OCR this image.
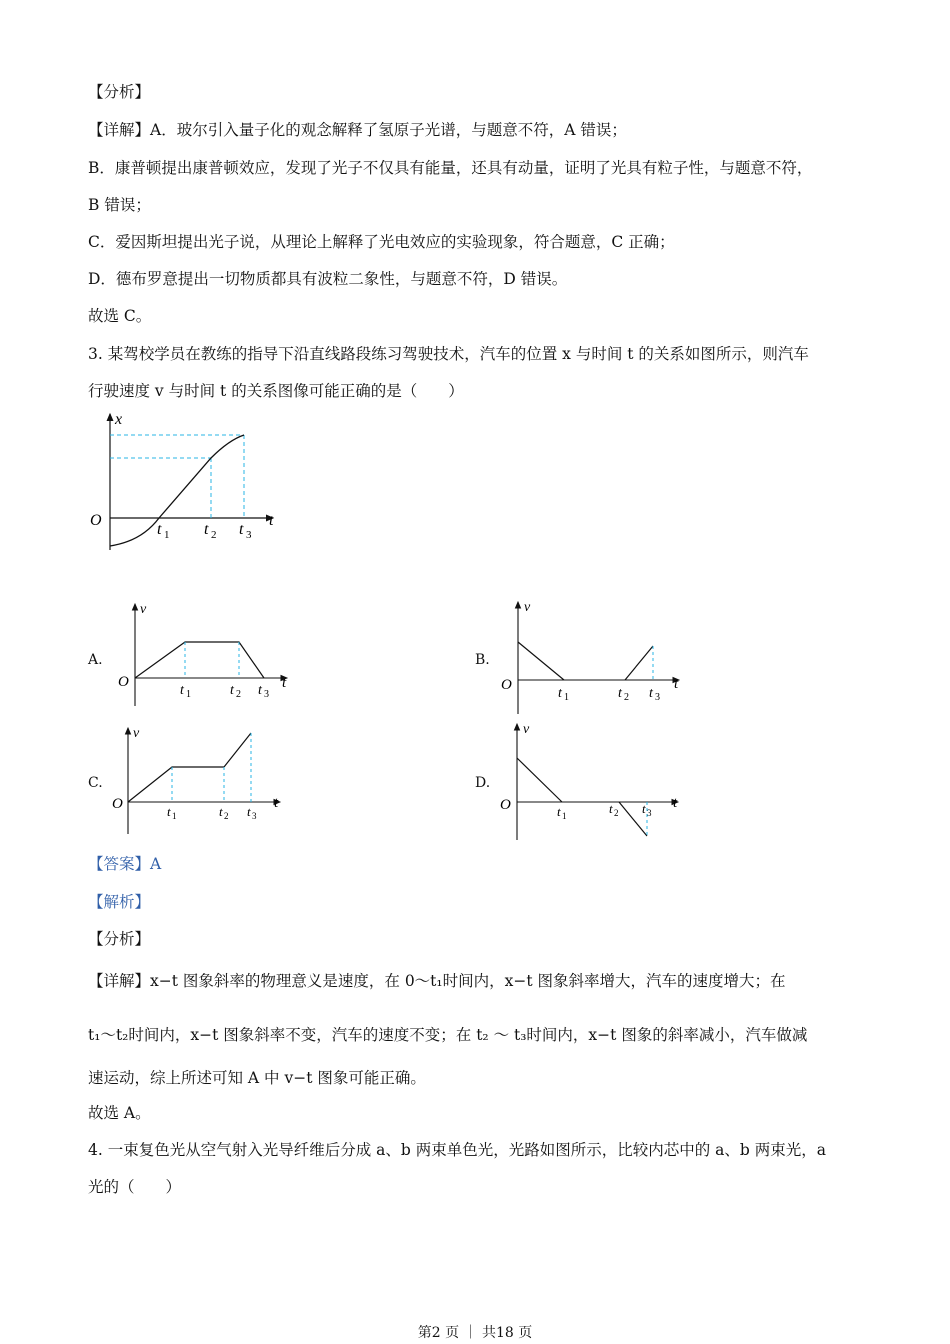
【分析】
【详解】A．玻尔引入量子化的观念解释了氢原子光谱，与题意不符，A 错误；
B．康普顿提出康普顿效应，发现了光子不仅具有能量，还具有动量，证明了光具有粒子性，与题意不符，
B 错误；
C．爱因斯坦提出光子说，从理论上解释了光电效应的实验现象，符合题意，C 正确；
D．德布罗意提出一切物质都具有波粒二象性，与题意不符，D 错误。
故选 C。
3. 某驾校学员在教练的指导下沿直线路段练习驾驶技术，汽车的位置 x 与时间 t 的关系如图所示，则汽车
行驶速度 v 与时间 t 的关系图像可能正确的是（　　）
x
O	t
t 1 t 2 t 3
A.
v
O	t
t 1	t 2 t 3
B.
v
O	t
t 1	t 2 t 3
C.
v
O	t
t 1	t 2 t 3
D.
v
O	t
t 1	t 2 t 3
【答案】A
【解析】
【分析】
【详解】x−t 图象斜率的物理意义是速度，在 0～t₁时间内，x−t 图象斜率增大，汽车的速度增大；在
t₁～t₂时间内，x−t 图象斜率不变，汽车的速度不变；在 t₂ ～ t₃时间内，x−t 图象的斜率减小，汽车做减
速运动，综上所述可知 A 中 v−t 图象可能正确。
故选 A。
4. 一束复色光从空气射入光导纤维后分成 a、b 两束单色光，光路如图所示，比较内芯中的 a、b 两束光，a
光的（　　）
第2 页 ｜ 共18 页
